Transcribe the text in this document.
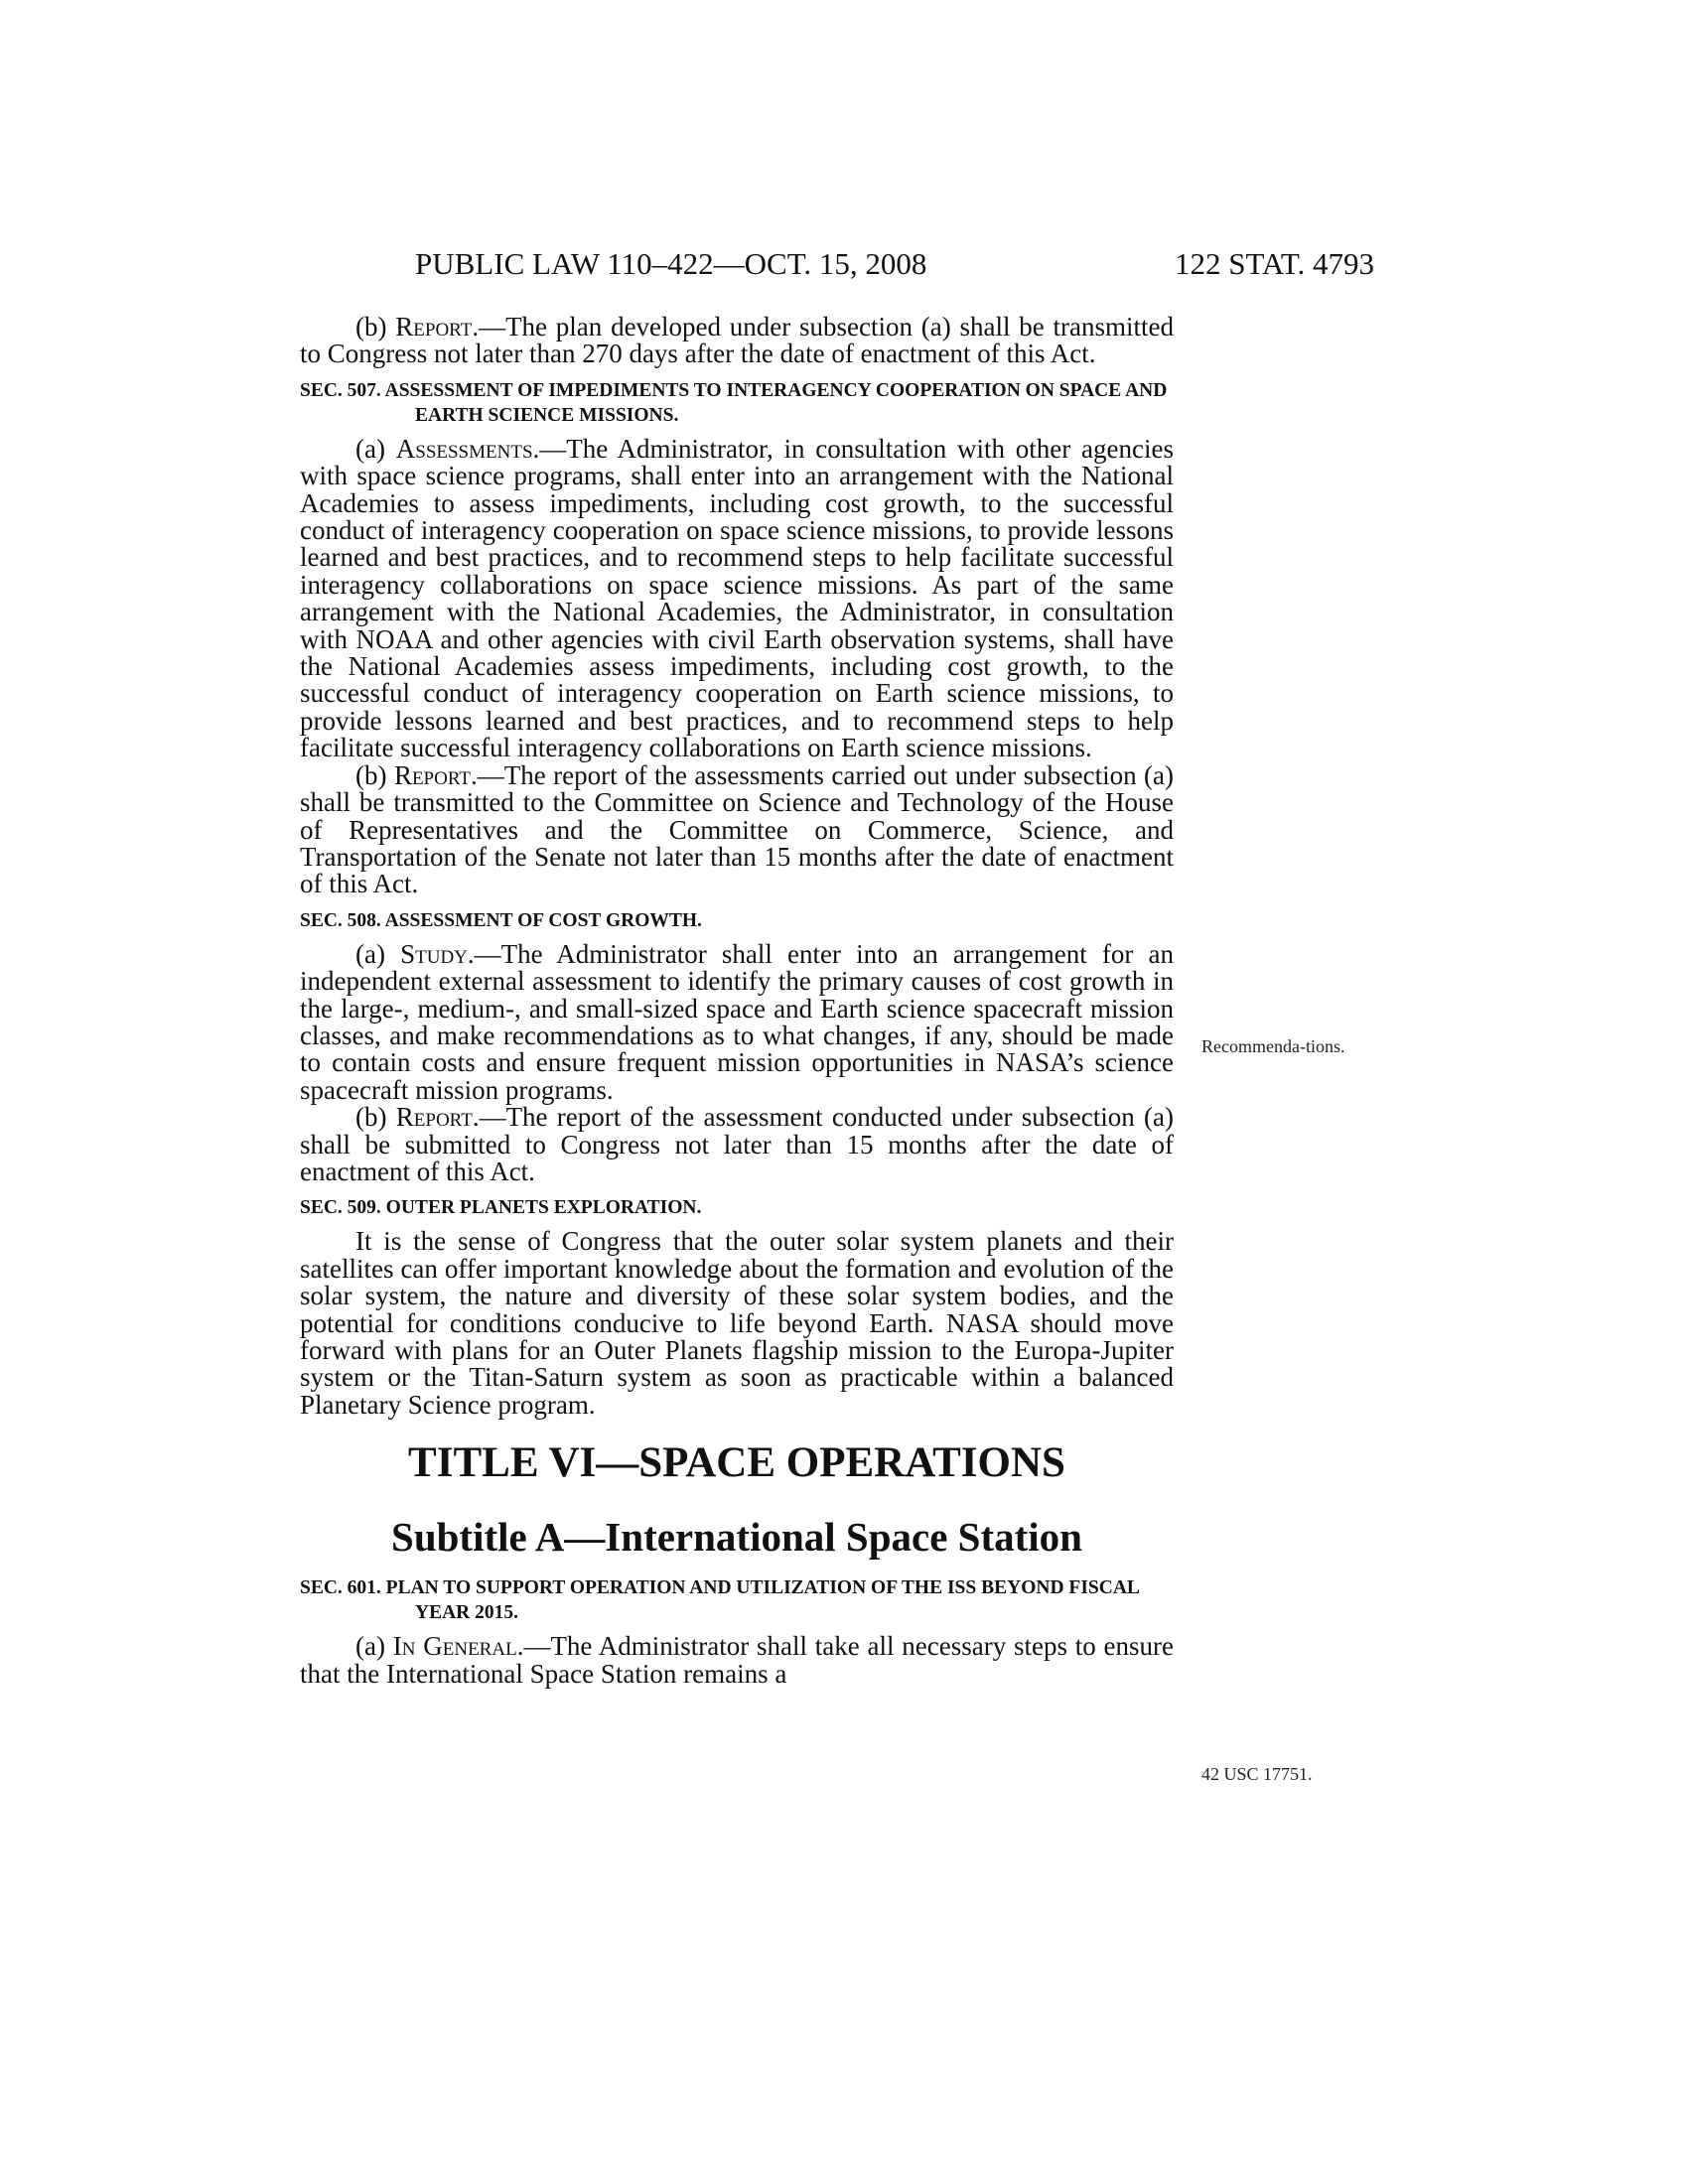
PUBLIC LAW 110–422—OCT. 15, 2008	122 STAT. 4793

(b) Report.—The plan developed under subsection (a) shall be transmitted to Congress not later than 270 days after the date of enactment of this Act.

SEC. 507. ASSESSMENT OF IMPEDIMENTS TO INTERAGENCY COOPERATION ON SPACE AND EARTH SCIENCE MISSIONS.

(a) Assessments.—The Administrator, in consultation with other agencies with space science programs, shall enter into an arrangement with the National Academies to assess impediments, including cost growth, to the successful conduct of interagency cooperation on space science missions, to provide lessons learned and best practices, and to recommend steps to help facilitate successful interagency collaborations on space science missions. As part of the same arrangement with the National Academies, the Administrator, in consultation with NOAA and other agencies with civil Earth observation systems, shall have the National Academies assess impediments, including cost growth, to the successful conduct of interagency cooperation on Earth science missions, to provide lessons learned and best practices, and to recommend steps to help facilitate successful interagency collaborations on Earth science missions.

(b) Report.—The report of the assessments carried out under subsection (a) shall be transmitted to the Committee on Science and Technology of the House of Representatives and the Committee on Commerce, Science, and Transportation of the Senate not later than 15 months after the date of enactment of this Act.

SEC. 508. ASSESSMENT OF COST GROWTH.

(a) Study.—The Administrator shall enter into an arrangement for an independent external assessment to identify the primary causes of cost growth in the large-, medium-, and small-sized space and Earth science spacecraft mission classes, and make recommendations as to what changes, if any, should be made to contain costs and ensure frequent mission opportunities in NASA’s science spacecraft mission programs.

(b) Report.—The report of the assessment conducted under subsection (a) shall be submitted to Congress not later than 15 months after the date of enactment of this Act.

SEC. 509. OUTER PLANETS EXPLORATION.

It is the sense of Congress that the outer solar system planets and their satellites can offer important knowledge about the formation and evolution of the solar system, the nature and diversity of these solar system bodies, and the potential for conditions conducive to life beyond Earth. NASA should move forward with plans for an Outer Planets flagship mission to the Europa-Jupiter system or the Titan-Saturn system as soon as practicable within a balanced Planetary Science program.

TITLE VI—SPACE OPERATIONS
Subtitle A—International Space Station
SEC. 601. PLAN TO SUPPORT OPERATION AND UTILIZATION OF THE ISS BEYOND FISCAL YEAR 2015.

(a) In General.—The Administrator shall take all necessary steps to ensure that the International Space Station remains a

Recommenda-tions.
42 USC 17751.
